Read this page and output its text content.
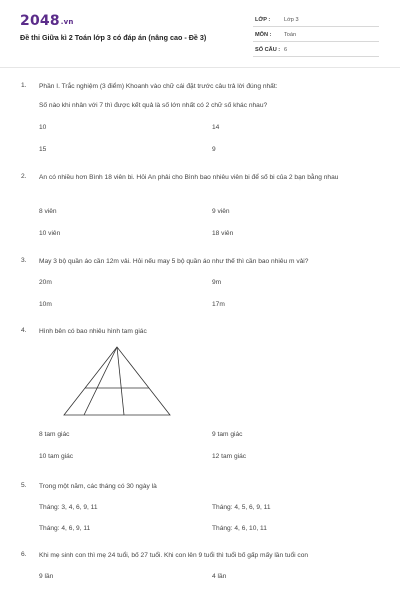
2048.vn
Đề thi Giữa kì 2 Toán lớp 3 có đáp án (nâng cao - Đề 3)
LỚP : Lớp 3
MÔN : Toán
SỐ CÂU : 6
1. Phần I. Trắc nghiệm (3 điểm) Khoanh vào chữ cái đặt trước câu trả lời đúng nhất:
Số nào khi nhân với 7 thì được kết quả là số lớn nhất có 2 chữ số khác nhau?
10	14
15	9
2. An có nhiều hơn Bình 18 viên bi. Hỏi An phải cho Bình bao nhiêu viên bi để số bi của 2 bạn bằng nhau
8 viên	9 viên
10 viên	18 viên
3. May 3 bộ quần áo cần 12m vải. Hỏi nếu may 5 bộ quần áo như thế thì cần bao nhiêu m vải?
20m	9m
10m	17m
4. Hình bên có bao nhiêu hình tam giác
8 tam giác	9 tam giác
10 tam giác	12 tam giác
5. Trong một năm, các tháng có 30 ngày là
Tháng: 3, 4, 6, 9, 11	Tháng: 4, 5, 6, 9, 11
Tháng: 4, 6, 9, 11	Tháng: 4, 6, 10, 11
6. Khi mẹ sinh con thì mẹ 24 tuổi, bố 27 tuổi. Khi con lên 9 tuổi thì tuổi bố gấp mấy lần tuổi con
9 lần	4 lần
